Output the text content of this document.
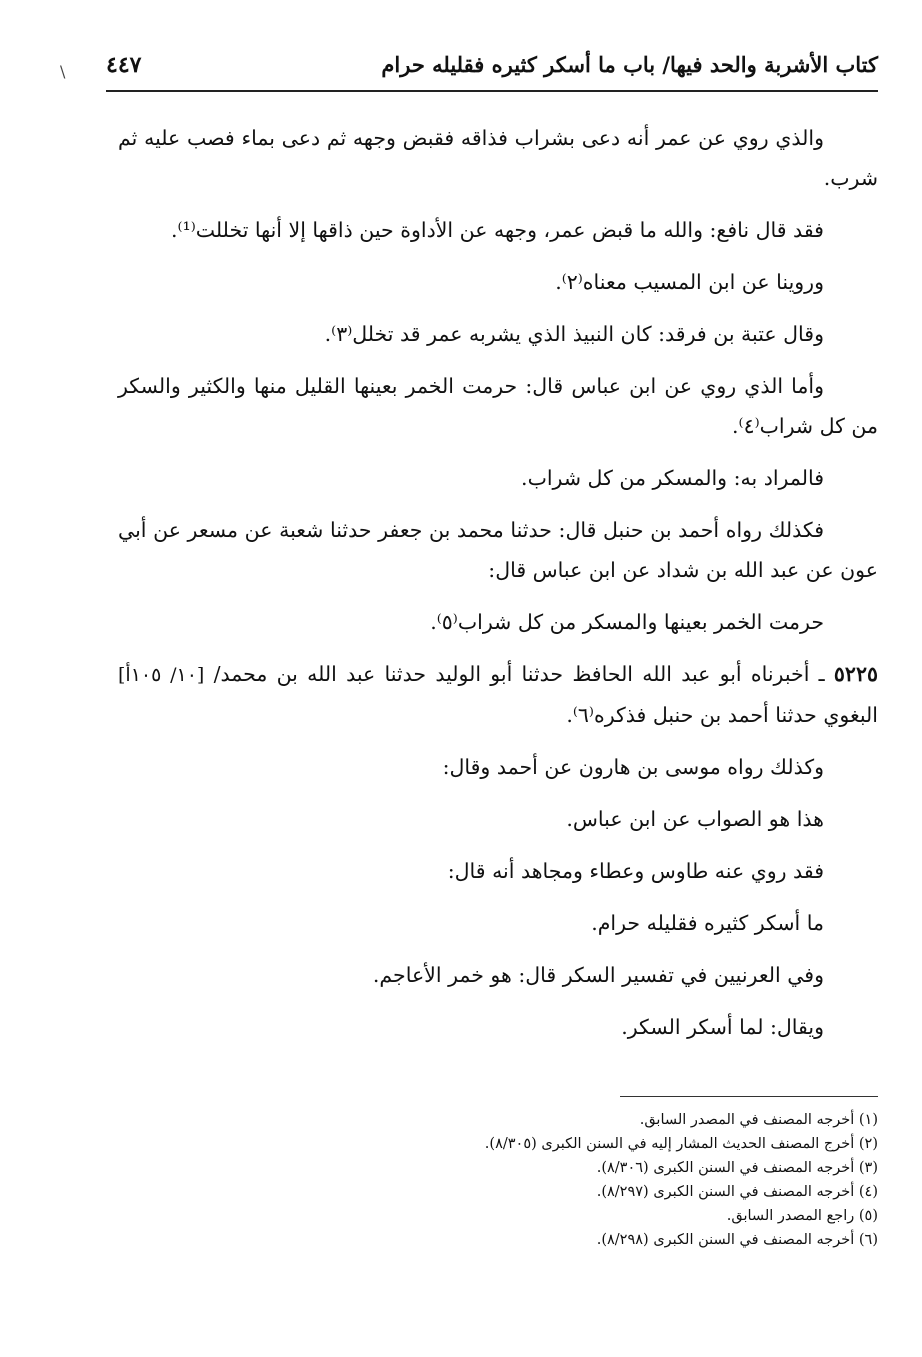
كتاب الأشربة والحد فيها/ باب ما أسكر كثيره فقليله حرام
٤٤٧
\

والذي روي عن عمر أنه دعى بشراب فذاقه فقبض وجهه ثم دعى بماء فصب عليه ثم شرب.

فقد قال نافع: والله ما قبض عمر، وجهه عن الأداوة حين ذاقها إلا أنها تخللت⁽¹⁾.

وروينا عن ابن المسيب معناه⁽٢⁾.

وقال عتبة بن فرقد: كان النبيذ الذي يشربه عمر قد تخلل⁽٣⁾.

وأما الذي روي عن ابن عباس قال: حرمت الخمر بعينها القليل منها والكثير والسكر من كل شراب⁽٤⁾.

فالمراد به: والمسكر من كل شراب.

فكذلك رواه أحمد بن حنبل قال: حدثنا محمد بن جعفر حدثنا شعبة عن مسعر عن أبي عون عن عبد الله بن شداد عن ابن عباس قال:

حرمت الخمر بعينها والمسكر من كل شراب⁽٥⁾.

٥٢٢٥ ـ أخبرناه أبو عبد الله الحافظ حدثنا أبو الوليد حدثنا عبد الله بن محمد/ [١٠/ ١٠٥أ] البغوي حدثنا أحمد بن حنبل فذكره⁽٦⁾.

وكذلك رواه موسى بن هارون عن أحمد وقال:

هذا هو الصواب عن ابن عباس.

فقد روي عنه طاوس وعطاء ومجاهد أنه قال:

ما أسكر كثيره فقليله حرام.

وفي العرنيين في تفسير السكر قال: هو خمر الأعاجم.

ويقال: لما أسكر السكر.

(١) أخرجه المصنف في المصدر السابق.
(٢) أخرج المصنف الحديث المشار إليه في السنن الكبرى (٨/٣٠٥).
(٣) أخرجه المصنف في السنن الكبرى (٨/٣٠٦).
(٤) أخرجه المصنف في السنن الكبرى (٨/٢٩٧).
(٥) راجع المصدر السابق.
(٦) أخرجه المصنف في السنن الكبرى (٨/٢٩٨).
